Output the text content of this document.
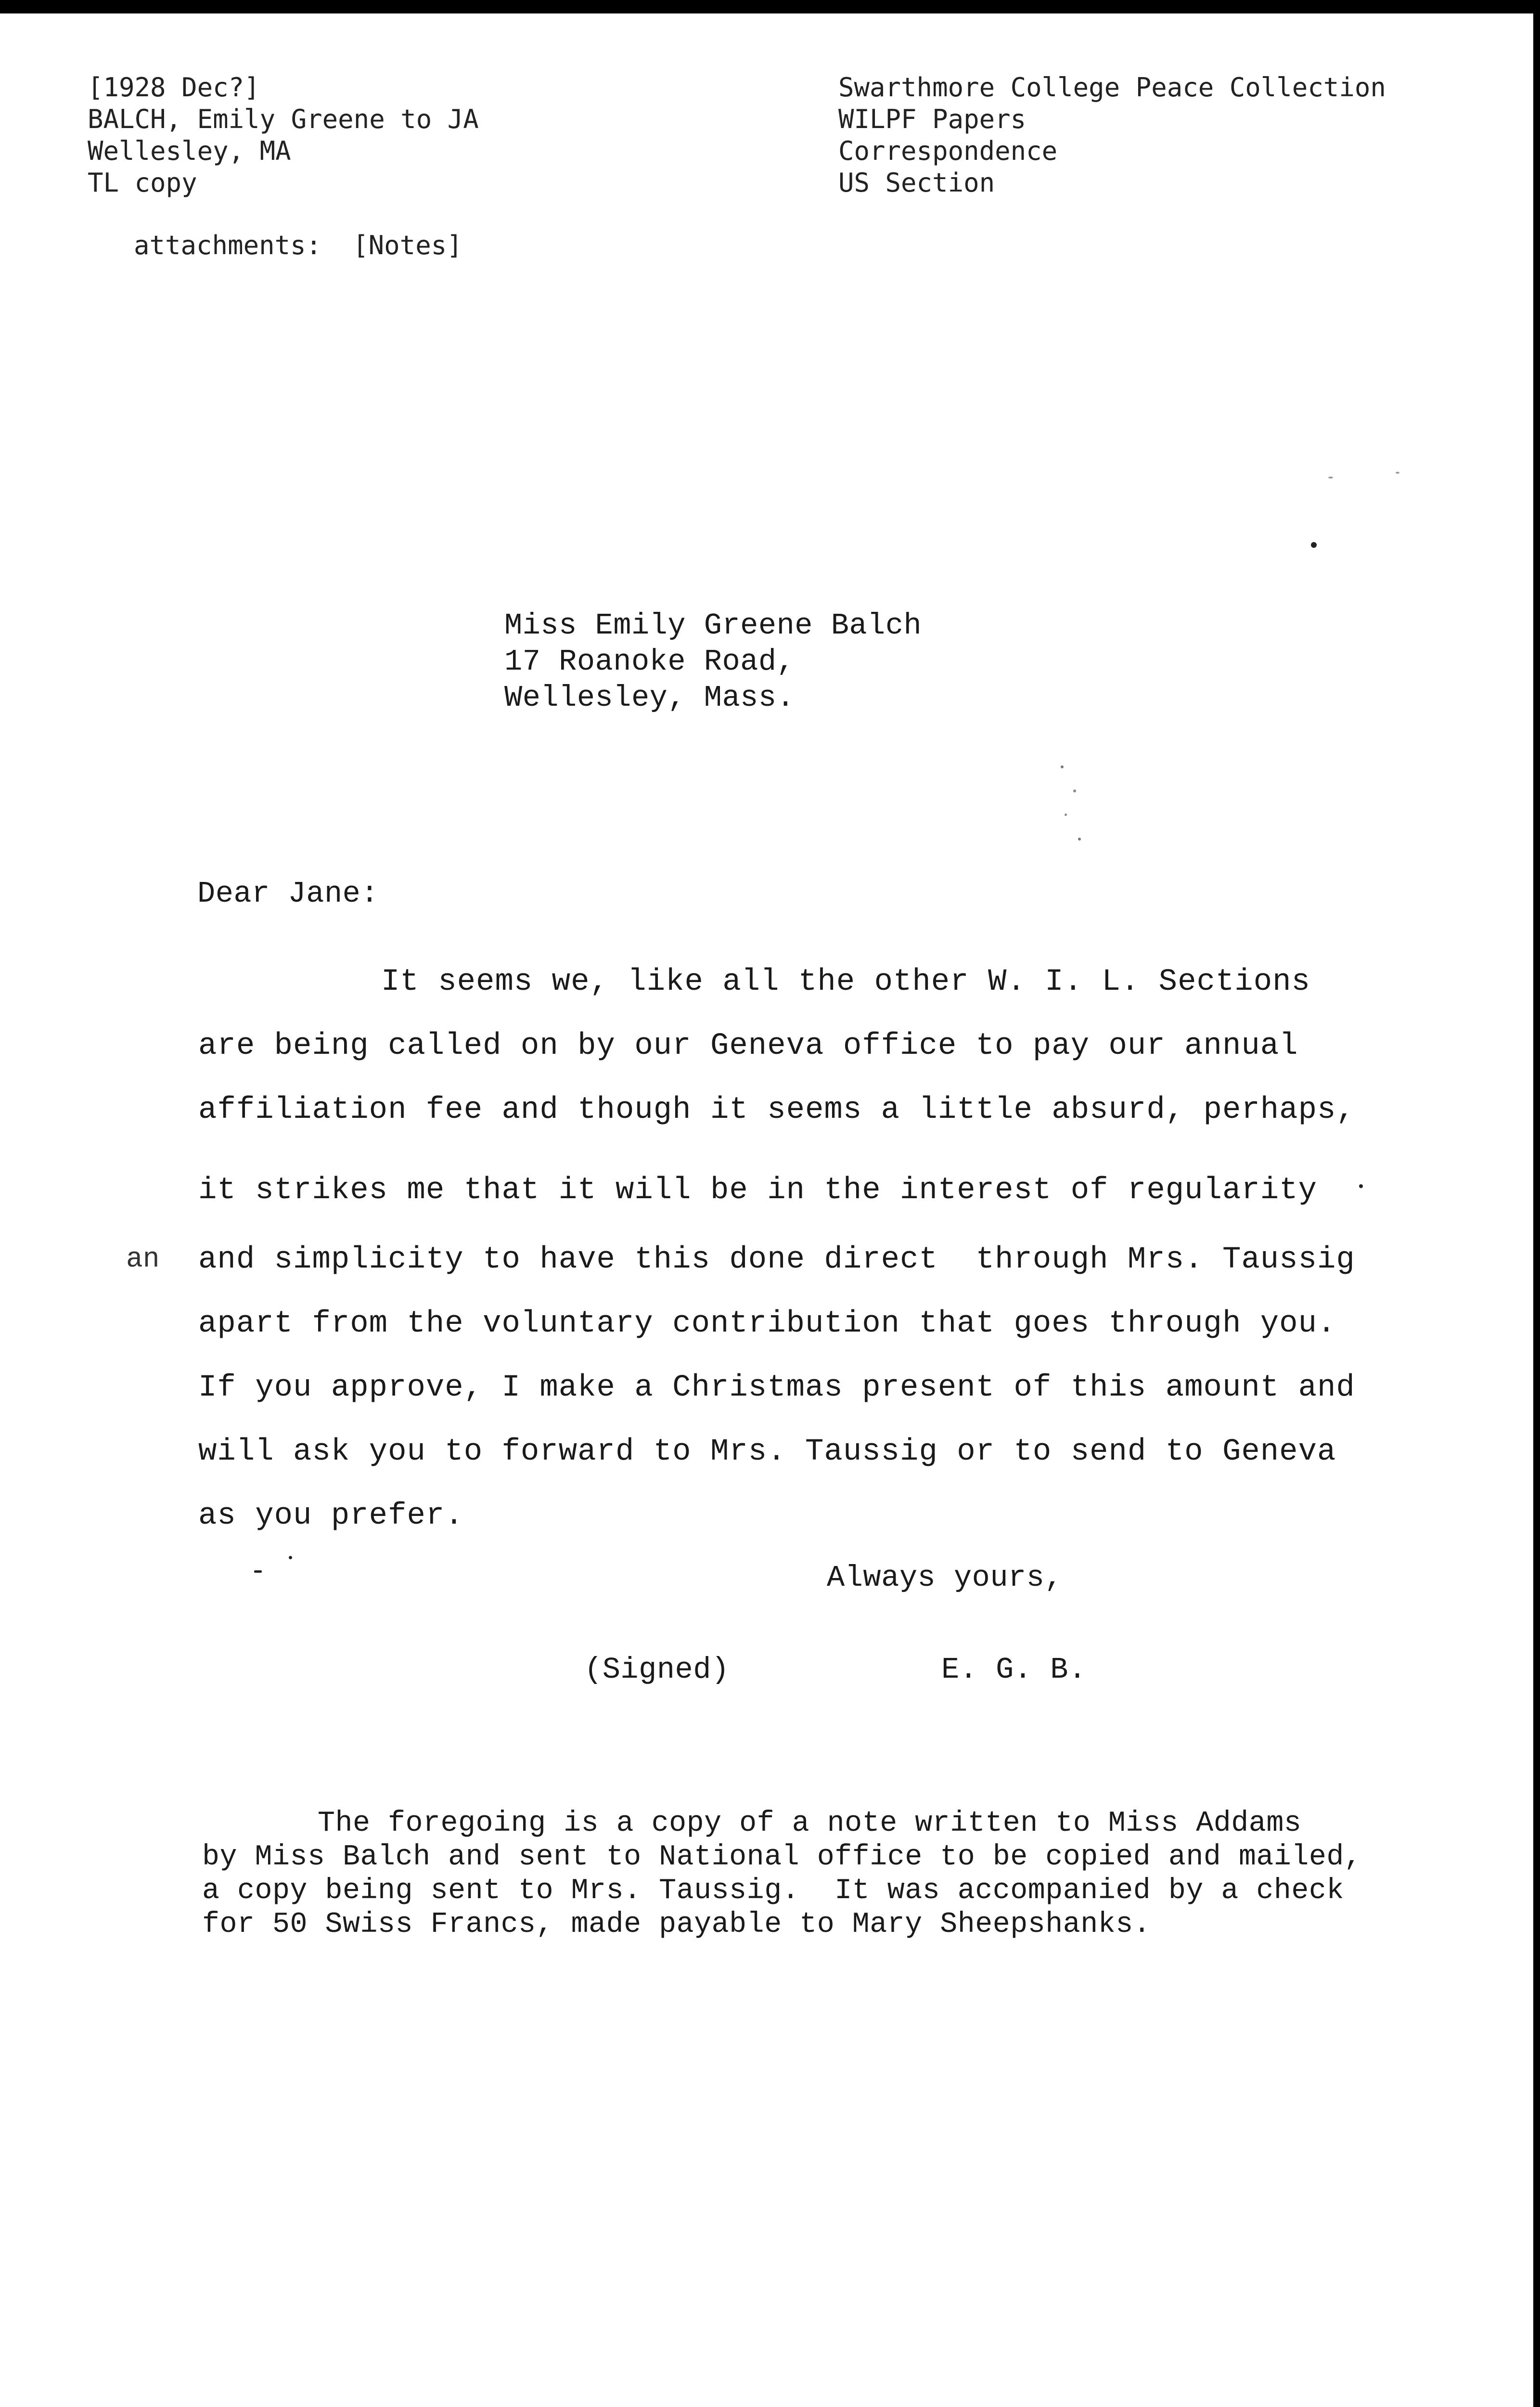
[1928 Dec?]
BALCH, Emily Greene to JA
Wellesley, MA
TL copy
attachments:  [Notes]
Swarthmore College Peace Collection
WILPF Papers
Correspondence
US Section
Miss Emily Greene Balch
17 Roanoke Road,
Wellesley, Mass.
Dear Jane:
It seems we, like all the other W. I. L. Sections
are being called on by our Geneva office to pay our annual
affiliation fee and though it seems a little absurd, perhaps,
it strikes me that it will be in the interest of regularity
and simplicity to have this done direct  through Mrs. Taussig
apart from the voluntary contribution that goes through you.
If you approve, I make a Christmas present of this amount and
will ask you to forward to Mrs. Taussig or to send to Geneva
as you prefer.
an
Always yours,
(Signed)	E. G. B.
The foregoing is a copy of a note written to Miss Addams
by Miss Balch and sent to National office to be copied and mailed,
a copy being sent to Mrs. Taussig.  It was accompanied by a check
for 50 Swiss Francs, made payable to Mary Sheepshanks.
